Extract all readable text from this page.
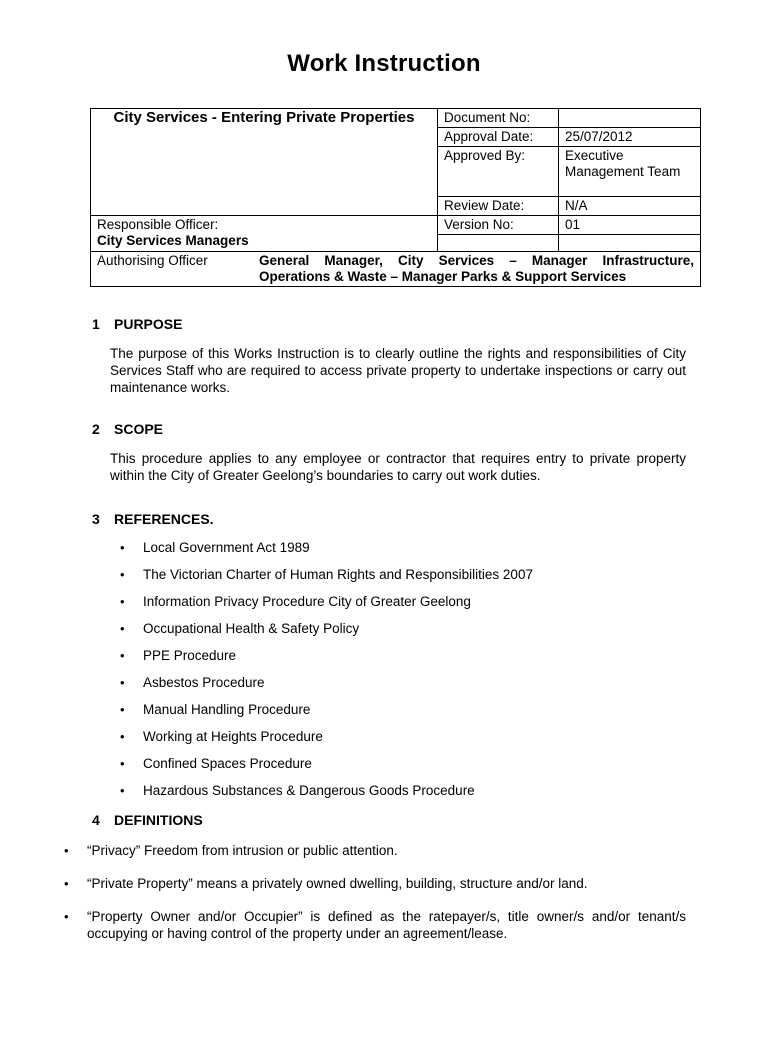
Work Instruction
City Services - Entering Private Properties	Document No:	
	Approval Date:	25/07/2012
	Approved By:	Executive Management Team
	Review Date:	N/A

Responsible Officer:
City Services Managers	Version No:	01

Authorising Officer General Manager, City Services – Manager Infrastructure, Operations & Waste – Manager Parks & Support Services		
1	PURPOSE

The purpose of this Works Instruction is to clearly outline the rights and responsibilities of City Services Staff who are required to access private property to undertake inspections or carry out maintenance works.

2	SCOPE

This procedure applies to any employee or contractor that requires entry to private property within the City of Greater Geelong’s boundaries to carry out work duties.

3	REFERENCES.
•	Local Government Act 1989
•	The Victorian Charter of Human Rights and Responsibilities 2007
•	Information Privacy Procedure City of Greater Geelong
•	Occupational Health & Safety Policy
•	PPE Procedure
•	Asbestos Procedure
•	Manual Handling Procedure
•	Working at Heights Procedure
•	Confined Spaces Procedure
•	Hazardous Substances & Dangerous Goods Procedure
4	DEFINITIONS
•	“Privacy” Freedom from intrusion or public attention.
•	“Private Property” means a privately owned dwelling, building, structure and/or land.
•	“Property Owner and/or Occupier” is defined as the ratepayer/s, title owner/s and/or tenant/s occupying or having control of the property under an agreement/lease.
